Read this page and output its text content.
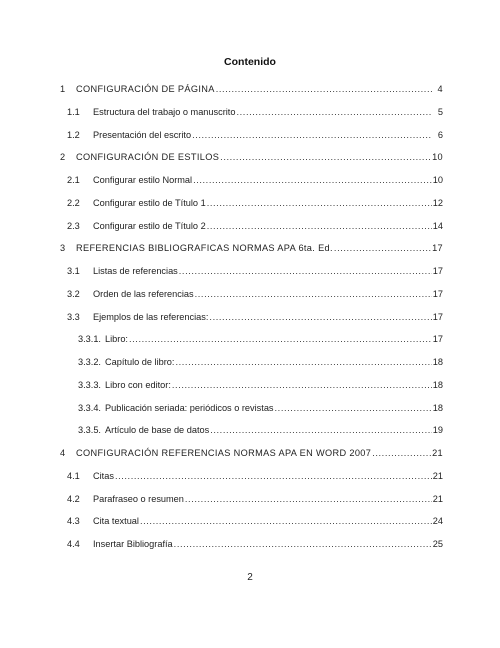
Contenido
1	CONFIGURACIÓN DE PÁGINA .....	4
1.1	Estructura del trabajo o manuscrito .....	5
1.2	Presentación del escrito .....	6
2	CONFIGURACIÓN DE ESTILOS .....	10
2.1	Configurar estilo Normal .....	10
2.2	Configurar estilo de Título 1 .....	12
2.3	Configurar estilo de Título 2 .....	14
3	REFERENCIAS BIBLIOGRAFICAS NORMAS APA 6ta. Ed. .....	17
3.1	Listas de referencias .....	17
3.2	Orden de las referencias .....	17
3.3	Ejemplos de las referencias: .....	17
3.3.1. Libro: .....	17
3.3.2. Capítulo de libro: .....	18
3.3.3. Libro con editor: .....	18
3.3.4. Publicación seriada: periódicos o revistas .....	18
3.3.5. Artículo de base de datos .....	19
4	CONFIGURACIÓN REFERENCIAS NORMAS APA EN WORD 2007 .....	21
4.1	Citas .....	21
4.2	Parafraseo o resumen .....	21
4.3	Cita textual .....	24
4.4	Insertar Bibliografía .....	25
2
